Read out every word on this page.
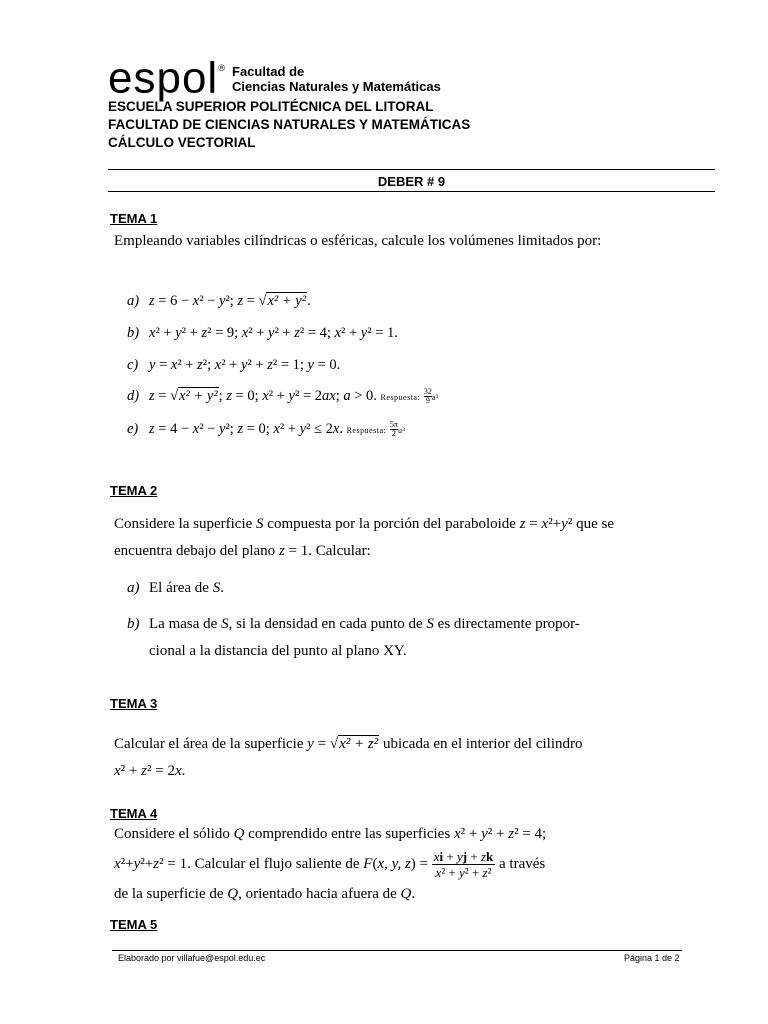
espol® Facultad de
Ciencias Naturales y Matemáticas
ESCUELA SUPERIOR POLITÉCNICA DEL LITORAL
FACULTAD DE CIENCIAS NATURALES Y MATEMÁTICAS
CÁLCULO VECTORIAL
DEBER # 9
TEMA 1
Empleando variables cilíndricas o esféricas, calcule los volúmenes limitados por:
a) z = 6 − x² − y²; z = √x² + y².
b) x² + y² + z² = 9; x² + y² + z² = 4; x² + y² = 1.
c) y = x² + z²; x² + y² + z² = 1; y = 0.
d) z = √x² + y²; z = 0; x² + y² = 2ax; a > 0. Respuesta: $\frac{32}{9}a^3$
e) z = 4 − x² − y²; z = 0; x² + y² ≤ 2x. Respuesta: $\frac{5\pi}{2}u^3$
TEMA 2
Considere la superficie S compuesta por la porción del paraboloide z = x²+y² que se encuentra debajo del plano z = 1. Calcular:
a) El área de S.
b) La masa de S, si la densidad en cada punto de S es directamente propor-
cional a la distancia del punto al plano XY.
TEMA 3
Calcular el área de la superficie y = √x² + z² ubicada en el interior del cilindro
x² + z² = 2x.
TEMA 4
Considere el sólido Q comprendido entre las superficies x² + y² + z² = 4;
x²+y²+z² = 1. Calcular el flujo saliente de F(x, y, $z) = \frac{xi + yj + zk}{\text{x² + y² + z²}}$ a través
de la superficie de Q, orientado hacia afuera de Q.
TEMA 5
Elaborado por villafue@espol.edu.ec	Página 1 de 2
